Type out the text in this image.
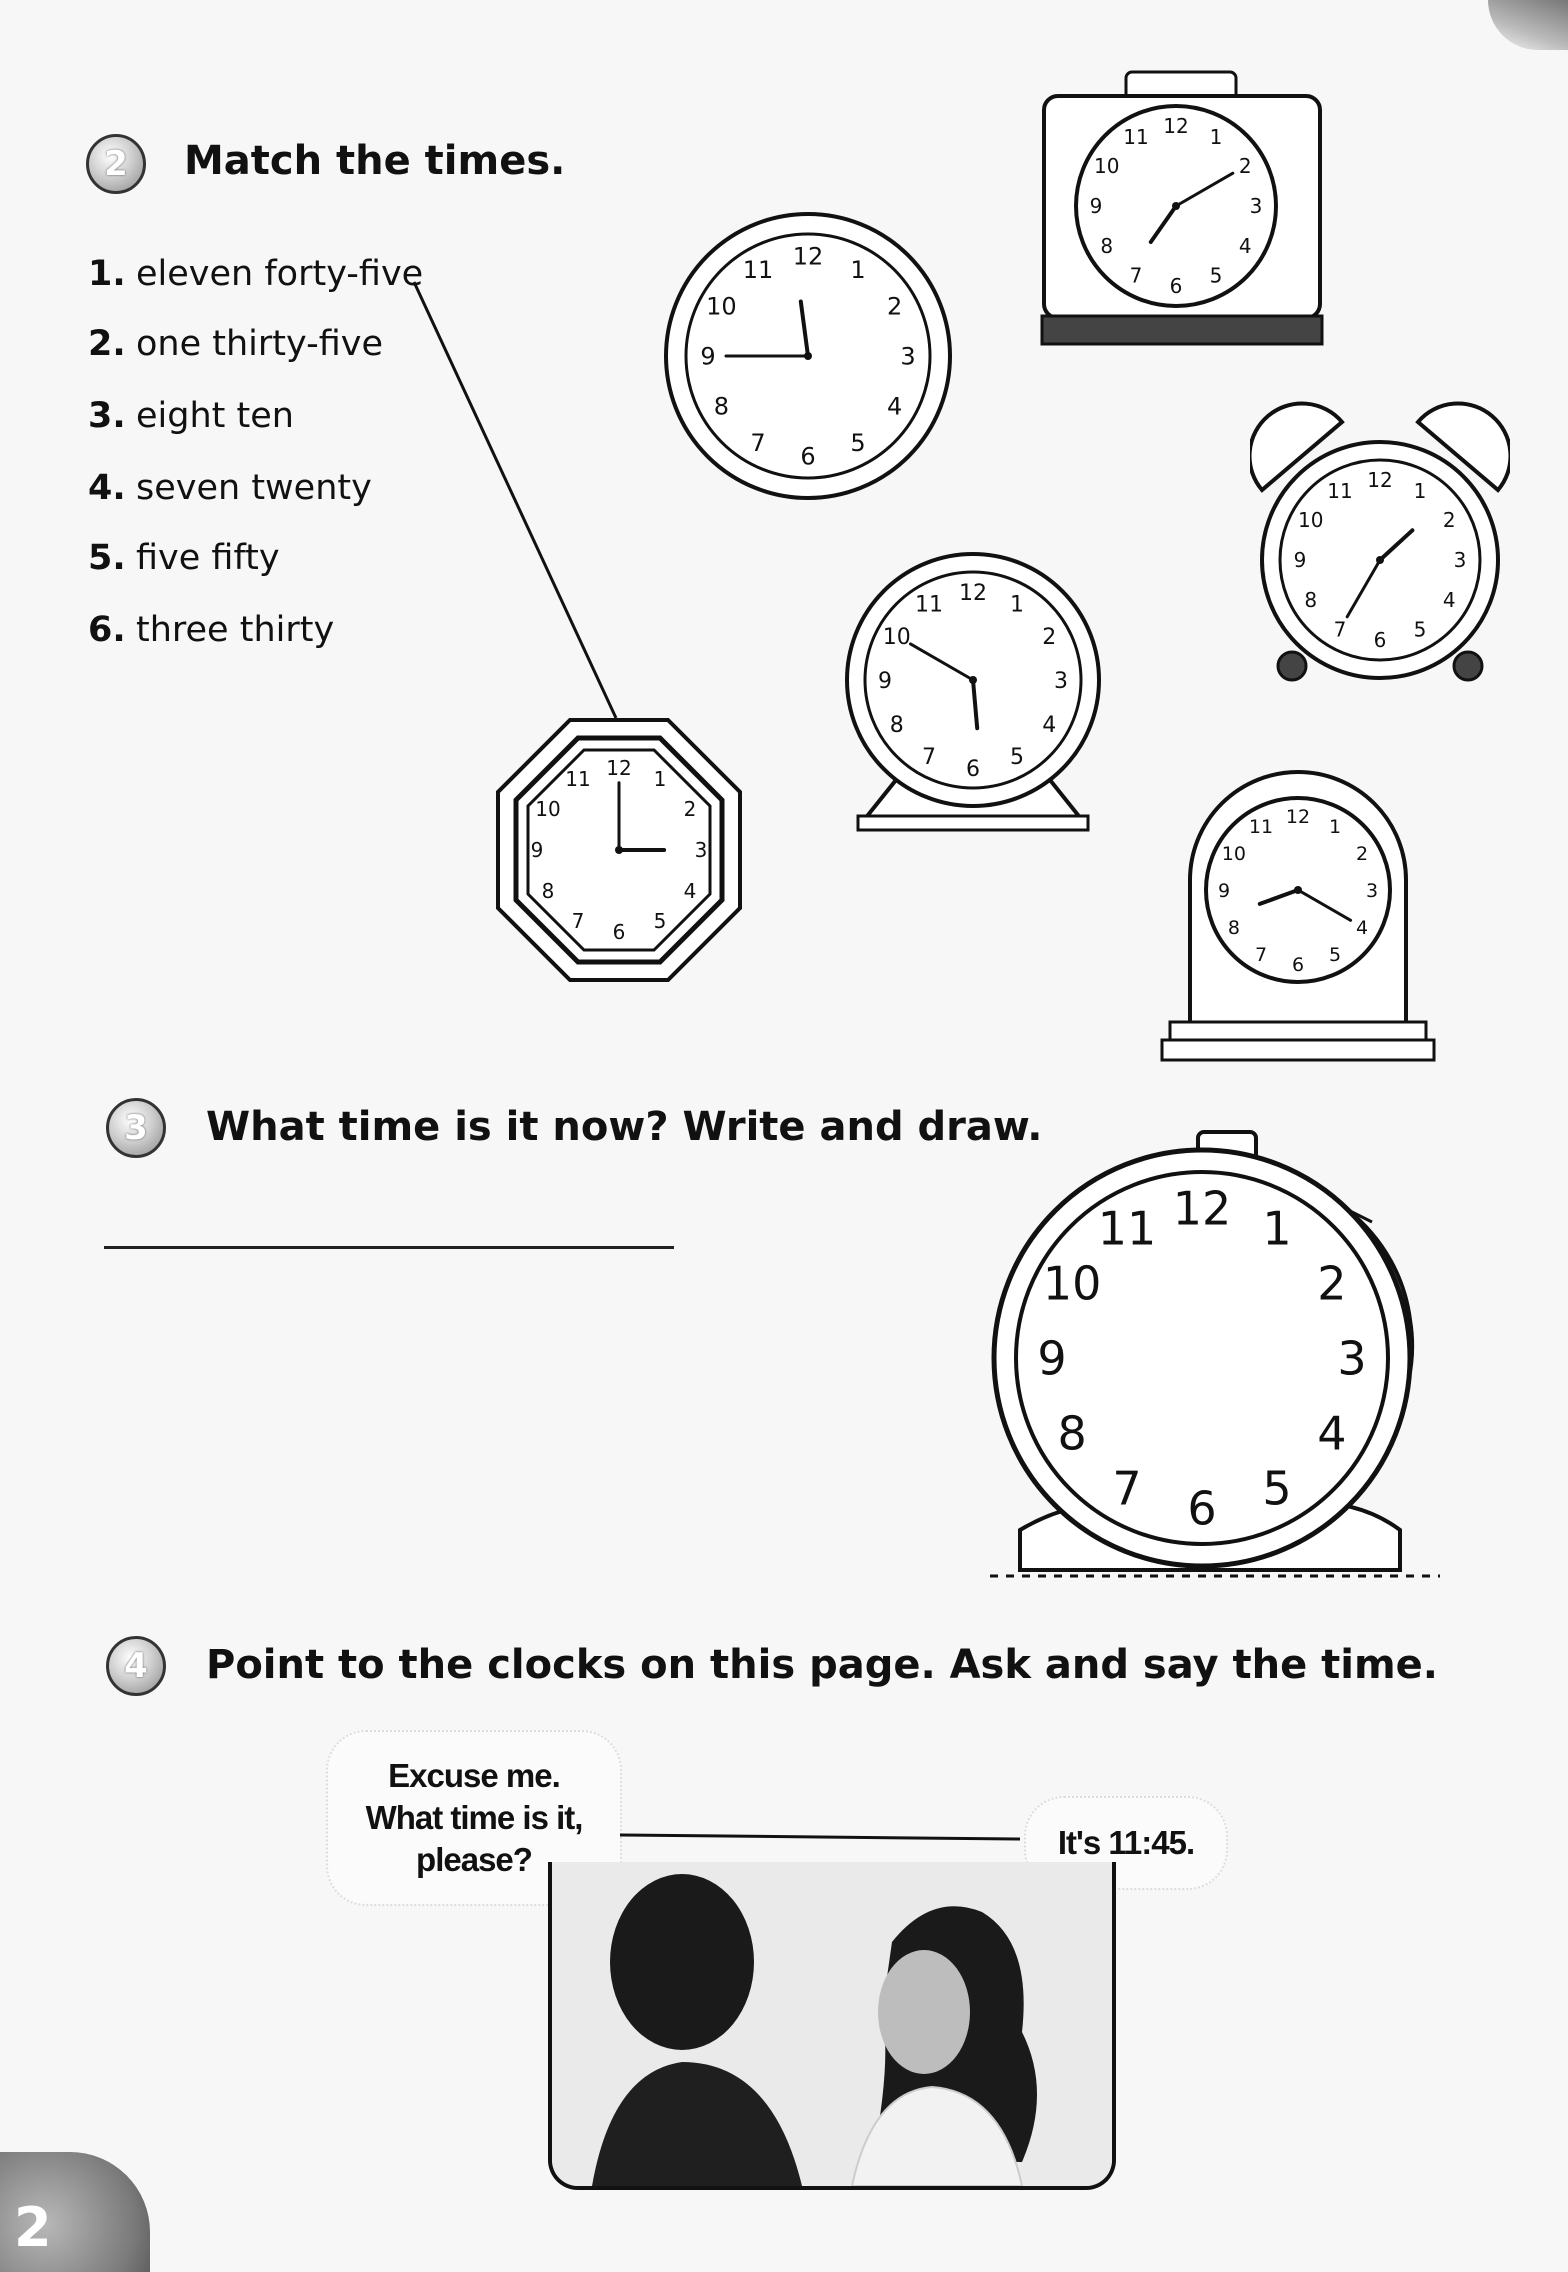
2	Match the times.
1. eleven forty-five
2. one thirty-five
3. eight ten
4. seven twenty
5. five fifty
6. three thirty
1
2
3
4
5
6
7
8
9
10
11 12
1
2
3
4
5
6
7
8
9
10
11 12
1
2
3
4
5
6
7
8
9
10
11 12
1
2
3
4
5
6
7
8
9
10
11 12
1
2
3
4
5
6
7
8
9
10
11 12
1
2
3
4
5
6
7
8
9
10
11 12
3	What time is it now? Write and draw.
1
2
3
4
5
6
7
8
9
10
11 12
4	Point to the clocks on this page. Ask and say the time.
Excuse me.
What time is it,
please?	It's 11:45.
2
